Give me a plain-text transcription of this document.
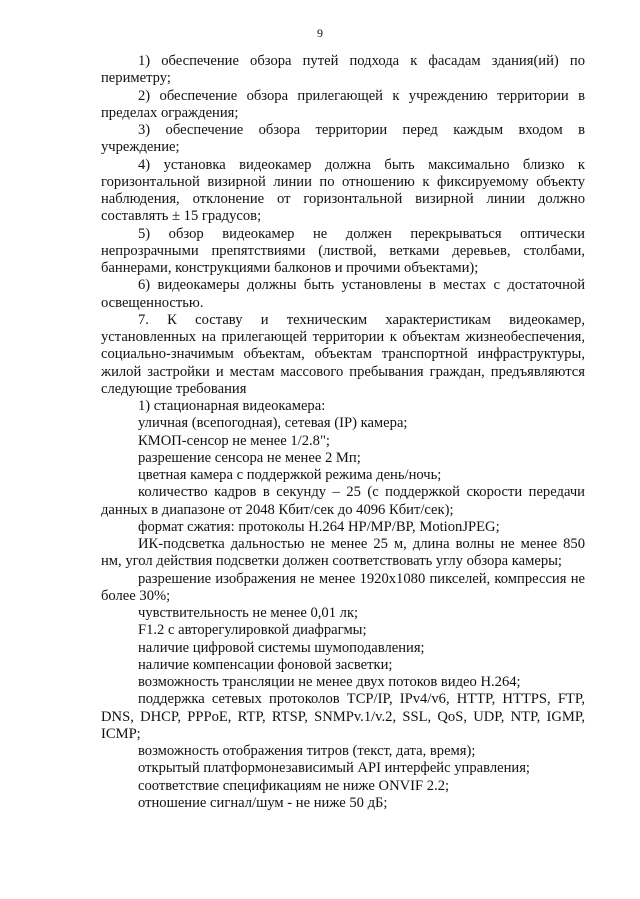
9

1) обеспечение обзора путей подхода к фасадам здания(ий) по периметру;

2) обеспечение обзора прилегающей к учреждению территории в пределах ограждения;

3) обеспечение обзора территории перед каждым входом в учреждение;

4) установка видеокамер должна быть максимально близко к горизонтальной визирной линии по отношению к фиксируемому объекту наблюдения, отклонение от горизонтальной визирной линии должно составлять ± 15 градусов;

5) обзор видеокамер не должен перекрываться оптически непрозрачными препятствиями (листвой, ветками деревьев, столбами, баннерами, конструкциями балконов и прочими объектами);

6) видеокамеры должны быть установлены в местах с достаточной освещенностью.

7. К составу и техническим характеристикам видеокамер, установленных на прилегающей территории к объектам жизнеобеспечения, социально-значимым объектам, объектам транспортной инфраструктуры, жилой застройки и местам массового пребывания граждан, предъявляются следующие требования

1) стационарная видеокамера:

уличная (всепогодная), сетевая (IP) камера;

КМОП-сенсор не менее 1/2.8";

разрешение сенсора не менее 2 Мп;

цветная камера с поддержкой режима день/ночь;

количество кадров в секунду – 25 (с поддержкой скорости передачи данных в диапазоне от 2048 Кбит/сек до 4096 Кбит/сек);

формат сжатия: протоколы H.264 HP/MP/BP, MotionJPEG;

ИК-подсветка дальностью не менее 25 м, длина волны не менее 850 нм, угол действия подсветки должен соответствовать углу обзора камеры;

разрешение изображения не менее 1920x1080 пикселей, компрессия не более 30%;

чувствительность не менее 0,01 лк;

F1.2 с авторегулировкой диафрагмы;

наличие цифровой системы шумоподавления;

наличие компенсации фоновой засветки;

возможность трансляции не менее двух потоков видео H.264;

поддержка сетевых протоколов TCP/IP, IPv4/v6, HTTP, HTTPS, FTP, DNS, DHCP, PPPoE, RTP, RTSP, SNMPv.1/v.2, SSL, QoS, UDP, NTP, IGMP, ICMP;

возможность отображения титров (текст, дата, время);

открытый платформонезависимый API интерфейс управления;

соответствие спецификациям не ниже ONVIF 2.2;

отношение сигнал/шум - не ниже 50 дБ;
